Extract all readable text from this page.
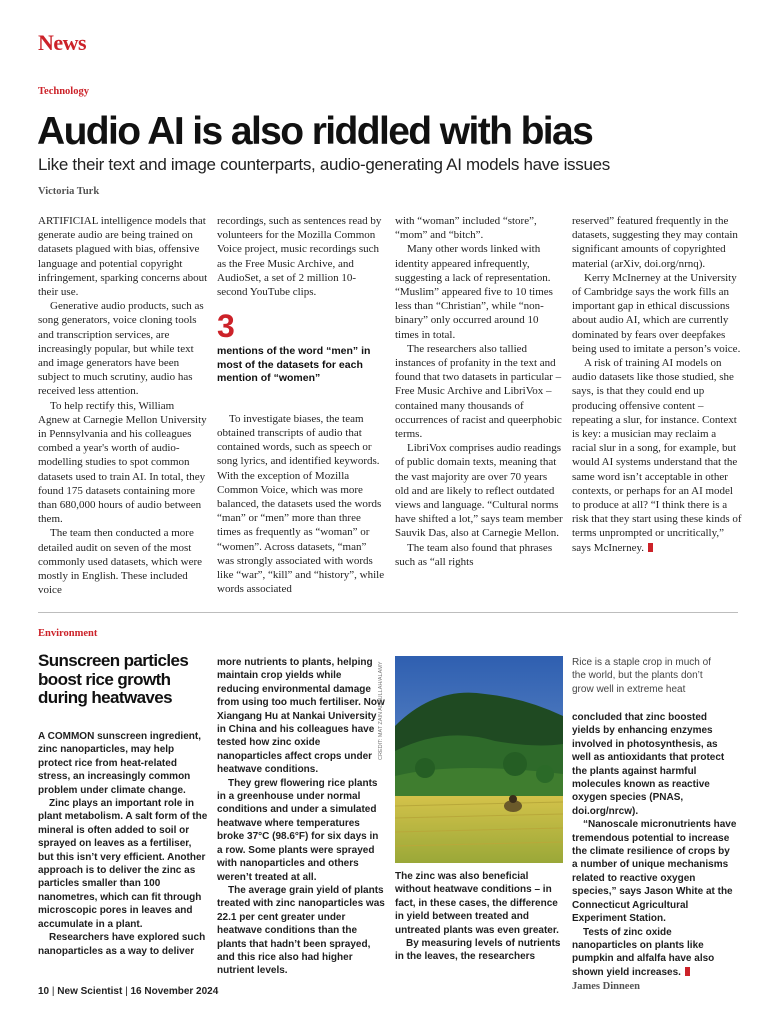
News
Technology
Audio AI is also riddled with bias
Like their text and image counterparts, audio-generating AI models have issues
Victoria Turk

ARTIFICIAL intelligence models that generate audio are being trained on datasets plagued with bias, offensive language and potential copyright infringement, sparking concerns about their use.

Generative audio products, such as song generators, voice cloning tools and transcription services, are increasingly popular, but while text and image generators have been subject to much scrutiny, audio has received less attention.

To help rectify this, William Agnew at Carnegie Mellon University in Pennsylvania and his colleagues combed a year's worth of audio-modelling studies to spot common datasets used to train AI. In total, they found 175 datasets containing more than 680,000 hours of audio between them.

The team then conducted a more detailed audit on seven of the most commonly used datasets, which were mostly in English. These included voice

recordings, such as sentences read by volunteers for the Mozilla Common Voice project, music recordings such as the Free Music Archive, and AudioSet, a set of 2 million 10-second YouTube clips.

3
mentions of the word “men” in most of the datasets for each mention of “women”

To investigate biases, the team obtained transcripts of audio that contained words, such as speech or song lyrics, and identified keywords. With the exception of Mozilla Common Voice, which was more balanced, the datasets used the words “man” or “men” more than three times as frequently as “woman” or “women”. Across datasets, “man” was strongly associated with words like “war”, “kill” and “history”, while words associated

with “woman” included “store”, “mom” and “bitch”.

Many other words linked with identity appeared infrequently, suggesting a lack of representation. “Muslim” appeared five to 10 times less than “Christian”, while “non-binary” only occurred around 10 times in total.

The researchers also tallied instances of profanity in the text and found that two datasets in particular – Free Music Archive and LibriVox – contained many thousands of occurrences of racist and queerphobic terms.

LibriVox comprises audio readings of public domain texts, meaning that the vast majority are over 70 years old and are likely to reflect outdated views and language. “Cultural norms have shifted a lot,” says team member Sauvik Das, also at Carnegie Mellon.

The team also found that phrases such as “all rights

reserved” featured frequently in the datasets, suggesting they may contain significant amounts of copyrighted material (arXiv, doi.org/nrnq).

Kerry McInerney at the University of Cambridge says the work fills an important gap in ethical discussions about audio AI, which are currently dominated by fears over deepfakes being used to imitate a person’s voice.

A risk of training AI models on audio datasets like those studied, she says, is that they could end up producing offensive content – repeating a slur, for instance. Context is key: a musician may reclaim a racial slur in a song, for example, but would AI systems understand that the same word isn’t acceptable in other contexts, or perhaps for an AI model to produce at all? “I think there is a risk that they start using these kinds of terms unprompted or uncritically,” says McInerney.

Environment
Sunscreen particles boost rice growth during heatwaves

A COMMON sunscreen ingredient, zinc nanoparticles, may help protect rice from heat-related stress, an increasingly common problem under climate change.

Zinc plays an important role in plant metabolism. A salt form of the mineral is often added to soil or sprayed on leaves as a fertiliser, but this isn’t very efficient. Another approach is to deliver the zinc as particles smaller than 100 nanometres, which can fit through microscopic pores in leaves and accumulate in a plant.

Researchers have explored such nanoparticles as a way to deliver

more nutrients to plants, helping maintain crop yields while reducing environmental damage from using too much fertiliser. Now Xiangang Hu at Nankai University in China and his colleagues have tested how zinc oxide nanoparticles affect crops under heatwave conditions.

They grew flowering rice plants in a greenhouse under normal conditions and under a simulated heatwave where temperatures broke 37°C (98.6°F) for six days in a row. Some plants were sprayed with nanoparticles and others weren’t treated at all.

The average grain yield of plants treated with zinc nanoparticles was 22.1 per cent greater under heatwave conditions than the plants that hadn’t been sprayed, and this rice also had higher nutrient levels.

CREDIT: MAT ZAIN ABDULLAH/ALAMY

The zinc was also beneficial without heatwave conditions – in fact, in these cases, the difference in yield between treated and untreated plants was even greater.

By measuring levels of nutrients in the leaves, the researchers

Rice is a staple crop in much of the world, but the plants don’t grow well in extreme heat

concluded that zinc boosted yields by enhancing enzymes involved in photosynthesis, as well as antioxidants that protect the plants against harmful molecules known as reactive oxygen species (PNAS, doi.org/nrcw).

“Nanoscale micronutrients have tremendous potential to increase the climate resilience of crops by a number of unique mechanisms related to reactive oxygen species,” says Jason White at the Connecticut Agricultural Experiment Station.

Tests of zinc oxide nanoparticles on plants like pumpkin and alfalfa have also shown yield increases.

James Dinneen

10 | New Scientist | 16 November 2024
